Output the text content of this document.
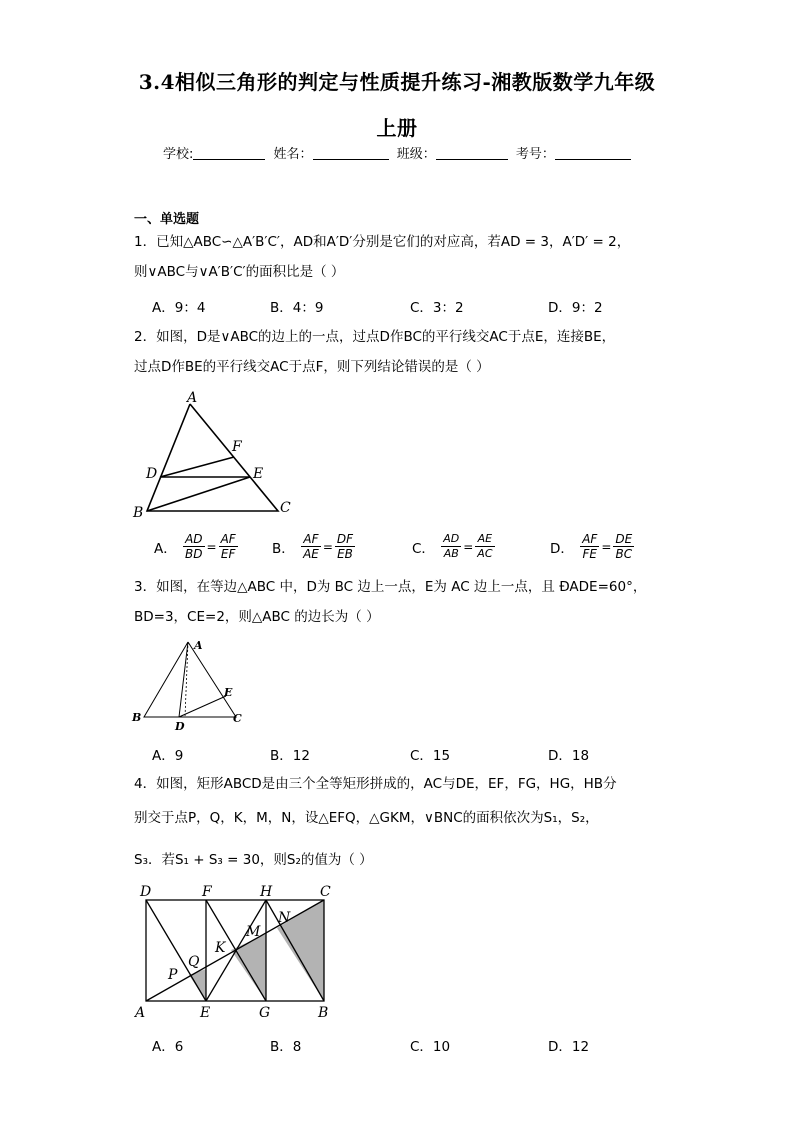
3.4相似三角形的判定与性质提升练习-湘教版数学九年级
上册
学校:	姓名：	班级：	考号：
一、单选题
1．已知△ABC∽△A′B′C′，AD和A′D′分别是它们的对应高，若AD = 3，A′D′ = 2，
则∨ABC与∨A′B′C′的面积比是（ ）
A．9：4	B．4：9	C．3：2	D．9：2
2．如图，D是∨ABC的边上的一点，过点D作BC的平行线交AC于点E，连接BE，
过点D作BE的平行线交AC于点F，则下列结论错误的是（ ）
A
F
D	E
B	C
A． $\frac{AD}{BD} = \frac{AF}{EF}$	B． $\frac{AF}{AE} = \frac{DF}{EB}$	C． $\frac{AD}{AB} = \frac{AE}{AC}$	D． $\frac{AF}{FE} = \frac{DE}{BC}$
3．如图，在等边△ABC 中，D为 BC 边上一点，E为 AC 边上一点，且 ÐADE=60°，
BD=3，CE=2，则△ABC 的边长为（ ）
A
E
B
D
C
A．9	B．12	C．15	D．18
4．如图，矩形ABCD是由三个全等矩形拼成的，AC与DE，EF，FG，HG，HB分
别交于点P，Q，K，M，N，设△EFQ，△GKM，∨BNC的面积依次为S₁，S₂，
S₃．若S₁ + S₃ = 30，则S₂的值为（ ）
D	F	H	C
N
M
K
Q
P
A	E	G	B
A．6	B．8	C．10	D．12
